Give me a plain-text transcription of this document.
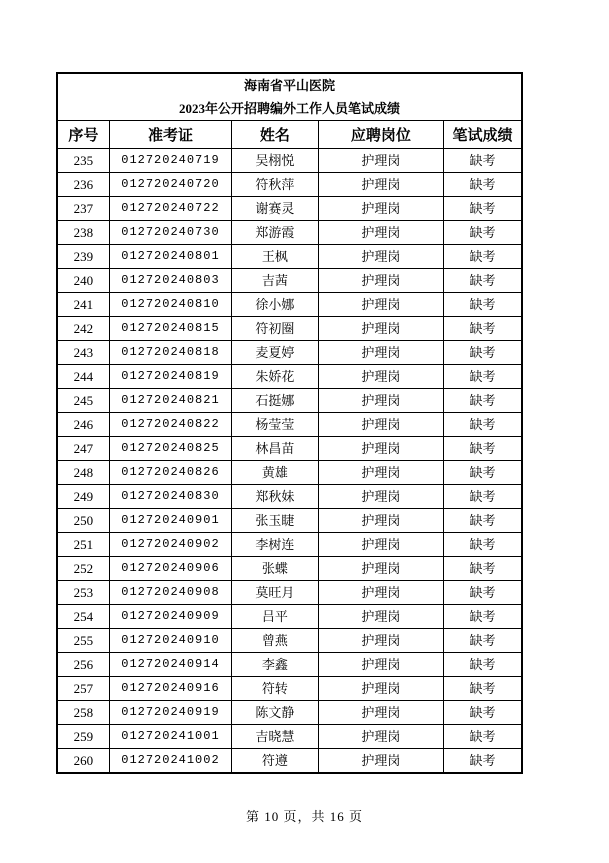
海南省平山医院
2023年公开招聘编外工作人员笔试成绩				

序号	准考证	姓名	应聘岗位	笔试成绩
235	012720240719	吴栩悦	护理岗	缺考
236	012720240720	符秋萍	护理岗	缺考
237	012720240722	谢赛灵	护理岗	缺考
238	012720240730	郑游霞	护理岗	缺考
239	012720240801	王枫	护理岗	缺考
240	012720240803	吉茜	护理岗	缺考
241	012720240810	徐小娜	护理岗	缺考
242	012720240815	符初圈	护理岗	缺考
243	012720240818	麦夏婷	护理岗	缺考
244	012720240819	朱娇花	护理岗	缺考
245	012720240821	石挺娜	护理岗	缺考
246	012720240822	杨莹莹	护理岗	缺考
247	012720240825	林昌苗	护理岗	缺考
248	012720240826	黄雄	护理岗	缺考
249	012720240830	郑秋妹	护理岗	缺考
250	012720240901	张玉睫	护理岗	缺考
251	012720240902	李树连	护理岗	缺考
252	012720240906	张蝶	护理岗	缺考
253	012720240908	莫旺月	护理岗	缺考
254	012720240909	吕平	护理岗	缺考
255	012720240910	曾燕	护理岗	缺考
256	012720240914	李鑫	护理岗	缺考
257	012720240916	符转	护理岗	缺考
258	012720240919	陈文静	护理岗	缺考
259	012720241001	吉晓慧	护理岗	缺考
260	012720241002	符遵	护理岗	缺考
第 10 页，共 16 页
